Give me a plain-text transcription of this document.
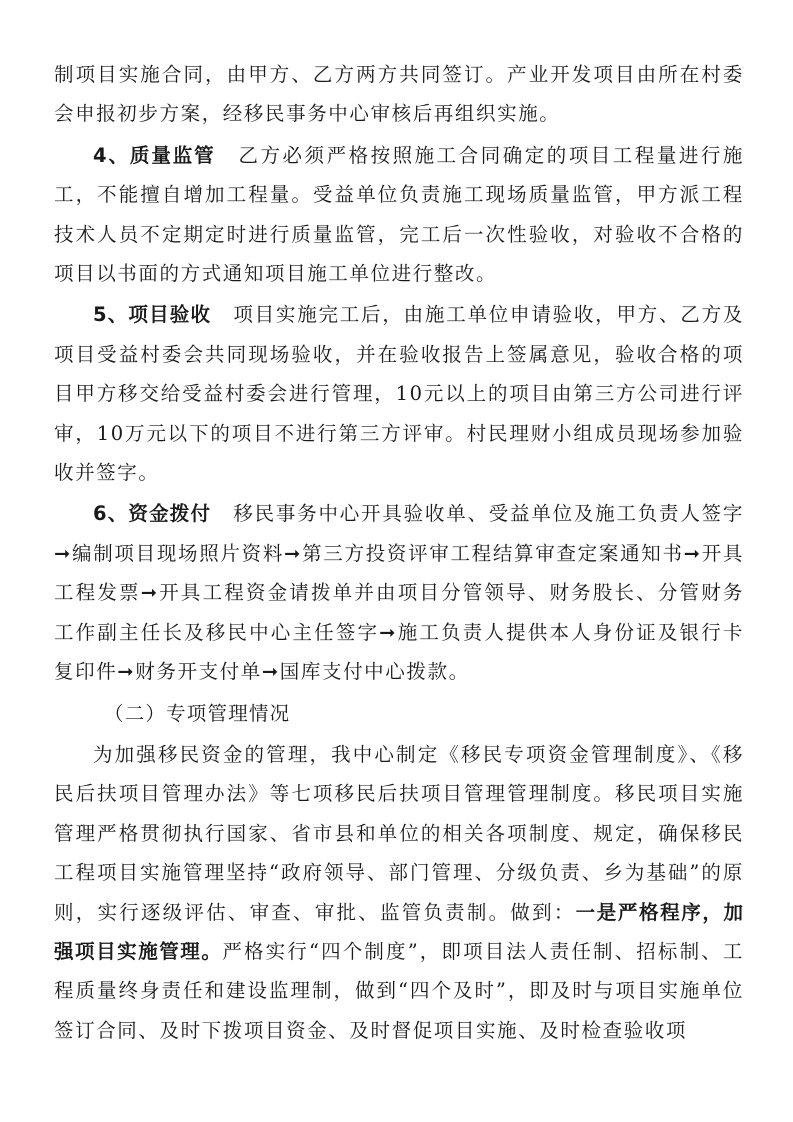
制项目实施合同，由甲方、乙方两方共同签订。产业开发项目由所在村委会申报初步方案，经移民事务中心审核后再组织实施。

4、质量监管 乙方必须严格按照施工合同确定的项目工程量进行施工，不能擅自增加工程量。受益单位负责施工现场质量监管，甲方派工程技术人员不定期定时进行质量监管，完工后一次性验收，对验收不合格的项目以书面的方式通知项目施工单位进行整改。

5、项目验收 项目实施完工后，由施工单位申请验收，甲方、乙方及项目受益村委会共同现场验收，并在验收报告上签属意见，验收合格的项目甲方移交给受益村委会进行管理，10元以上的项目由第三方公司进行评审，10万元以下的项目不进行第三方评审。村民理财小组成员现场参加验收并签字。

6、资金拨付 移民事务中心开具验收单、受益单位及施工负责人签字➞编制项目现场照片资料➞第三方投资评审工程结算审查定案通知书➞开具工程发票➞开具工程资金请拨单并由项目分管领导、财务股长、分管财务工作副主任长及移民中心主任签字➞施工负责人提供本人身份证及银行卡复印件➞财务开支付单➞国库支付中心拨款。

（二）专项管理情况

为加强移民资金的管理，我中心制定《移民专项资金管理制度》、《移民后扶项目管理办法》等七项移民后扶项目管理管理制度。移民项目实施管理严格贯彻执行国家、省市县和单位的相关各项制度、规定，确保移民工程项目实施管理坚持“政府领导、部门管理、分级负责、乡为基础”的原则，实行逐级评估、审查、审批、监管负责制。做到：一是严格程序，加强项目实施管理。严格实行“四个制度”，即项目法人责任制、招标制、工程质量终身责任和建设监理制，做到“四个及时”，即及时与项目实施单位签订合同、及时下拨项目资金、及时督促项目实施、及时检查验收项
